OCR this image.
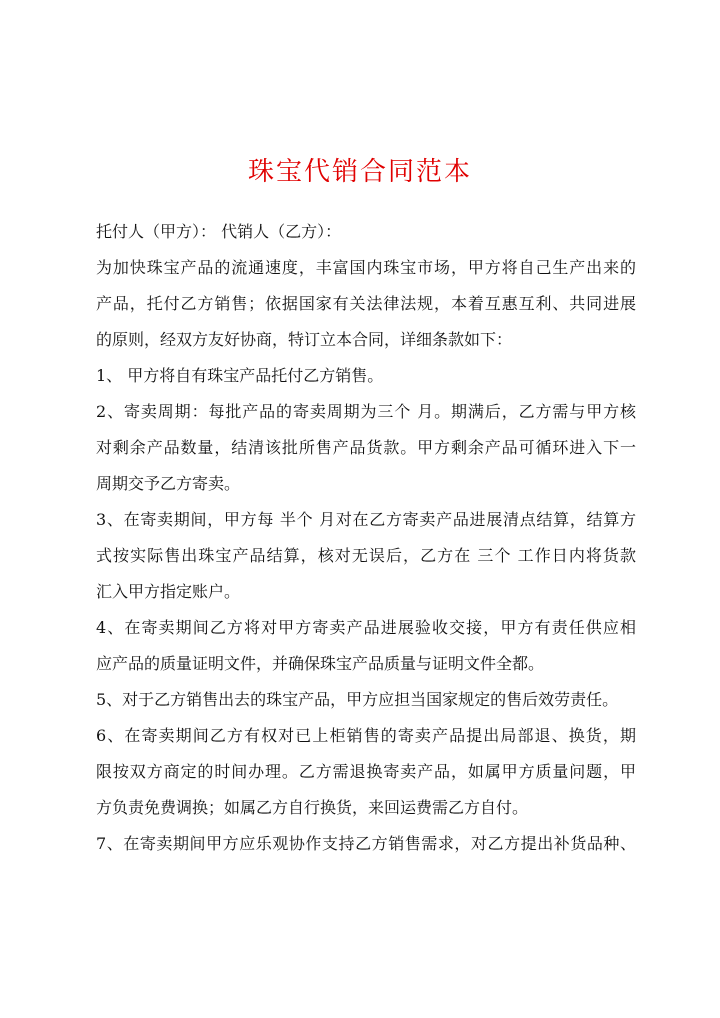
珠宝代销合同范本
托付人（甲方）： 代销人（乙方）：
为加快珠宝产品的流通速度，丰富国内珠宝市场，甲方将自己生产出来的
产品，托付乙方销售；依据国家有关法律法规，本着互惠互利、共同进展
的原则，经双方友好协商，特订立本合同，详细条款如下：
1、 甲方将自有珠宝产品托付乙方销售。
2、寄卖周期：每批产品的寄卖周期为三个 月。期满后，乙方需与甲方核
对剩余产品数量，结清该批所售产品货款。甲方剩余产品可循环进入下一
周期交予乙方寄卖。
3、在寄卖期间，甲方每 半个 月对在乙方寄卖产品进展清点结算，结算方
式按实际售出珠宝产品结算，核对无误后，乙方在 三个 工作日内将货款
汇入甲方指定账户。
4、在寄卖期间乙方将对甲方寄卖产品进展验收交接，甲方有责任供应相
应产品的质量证明文件，并确保珠宝产品质量与证明文件全都。
5、对于乙方销售出去的珠宝产品，甲方应担当国家规定的售后效劳责任。
6、在寄卖期间乙方有权对已上柜销售的寄卖产品提出局部退、换货，期
限按双方商定的时间办理。乙方需退换寄卖产品，如属甲方质量问题，甲
方负责免费调换；如属乙方自行换货，来回运费需乙方自付。
7、在寄卖期间甲方应乐观协作支持乙方销售需求，对乙方提出补货品种、
